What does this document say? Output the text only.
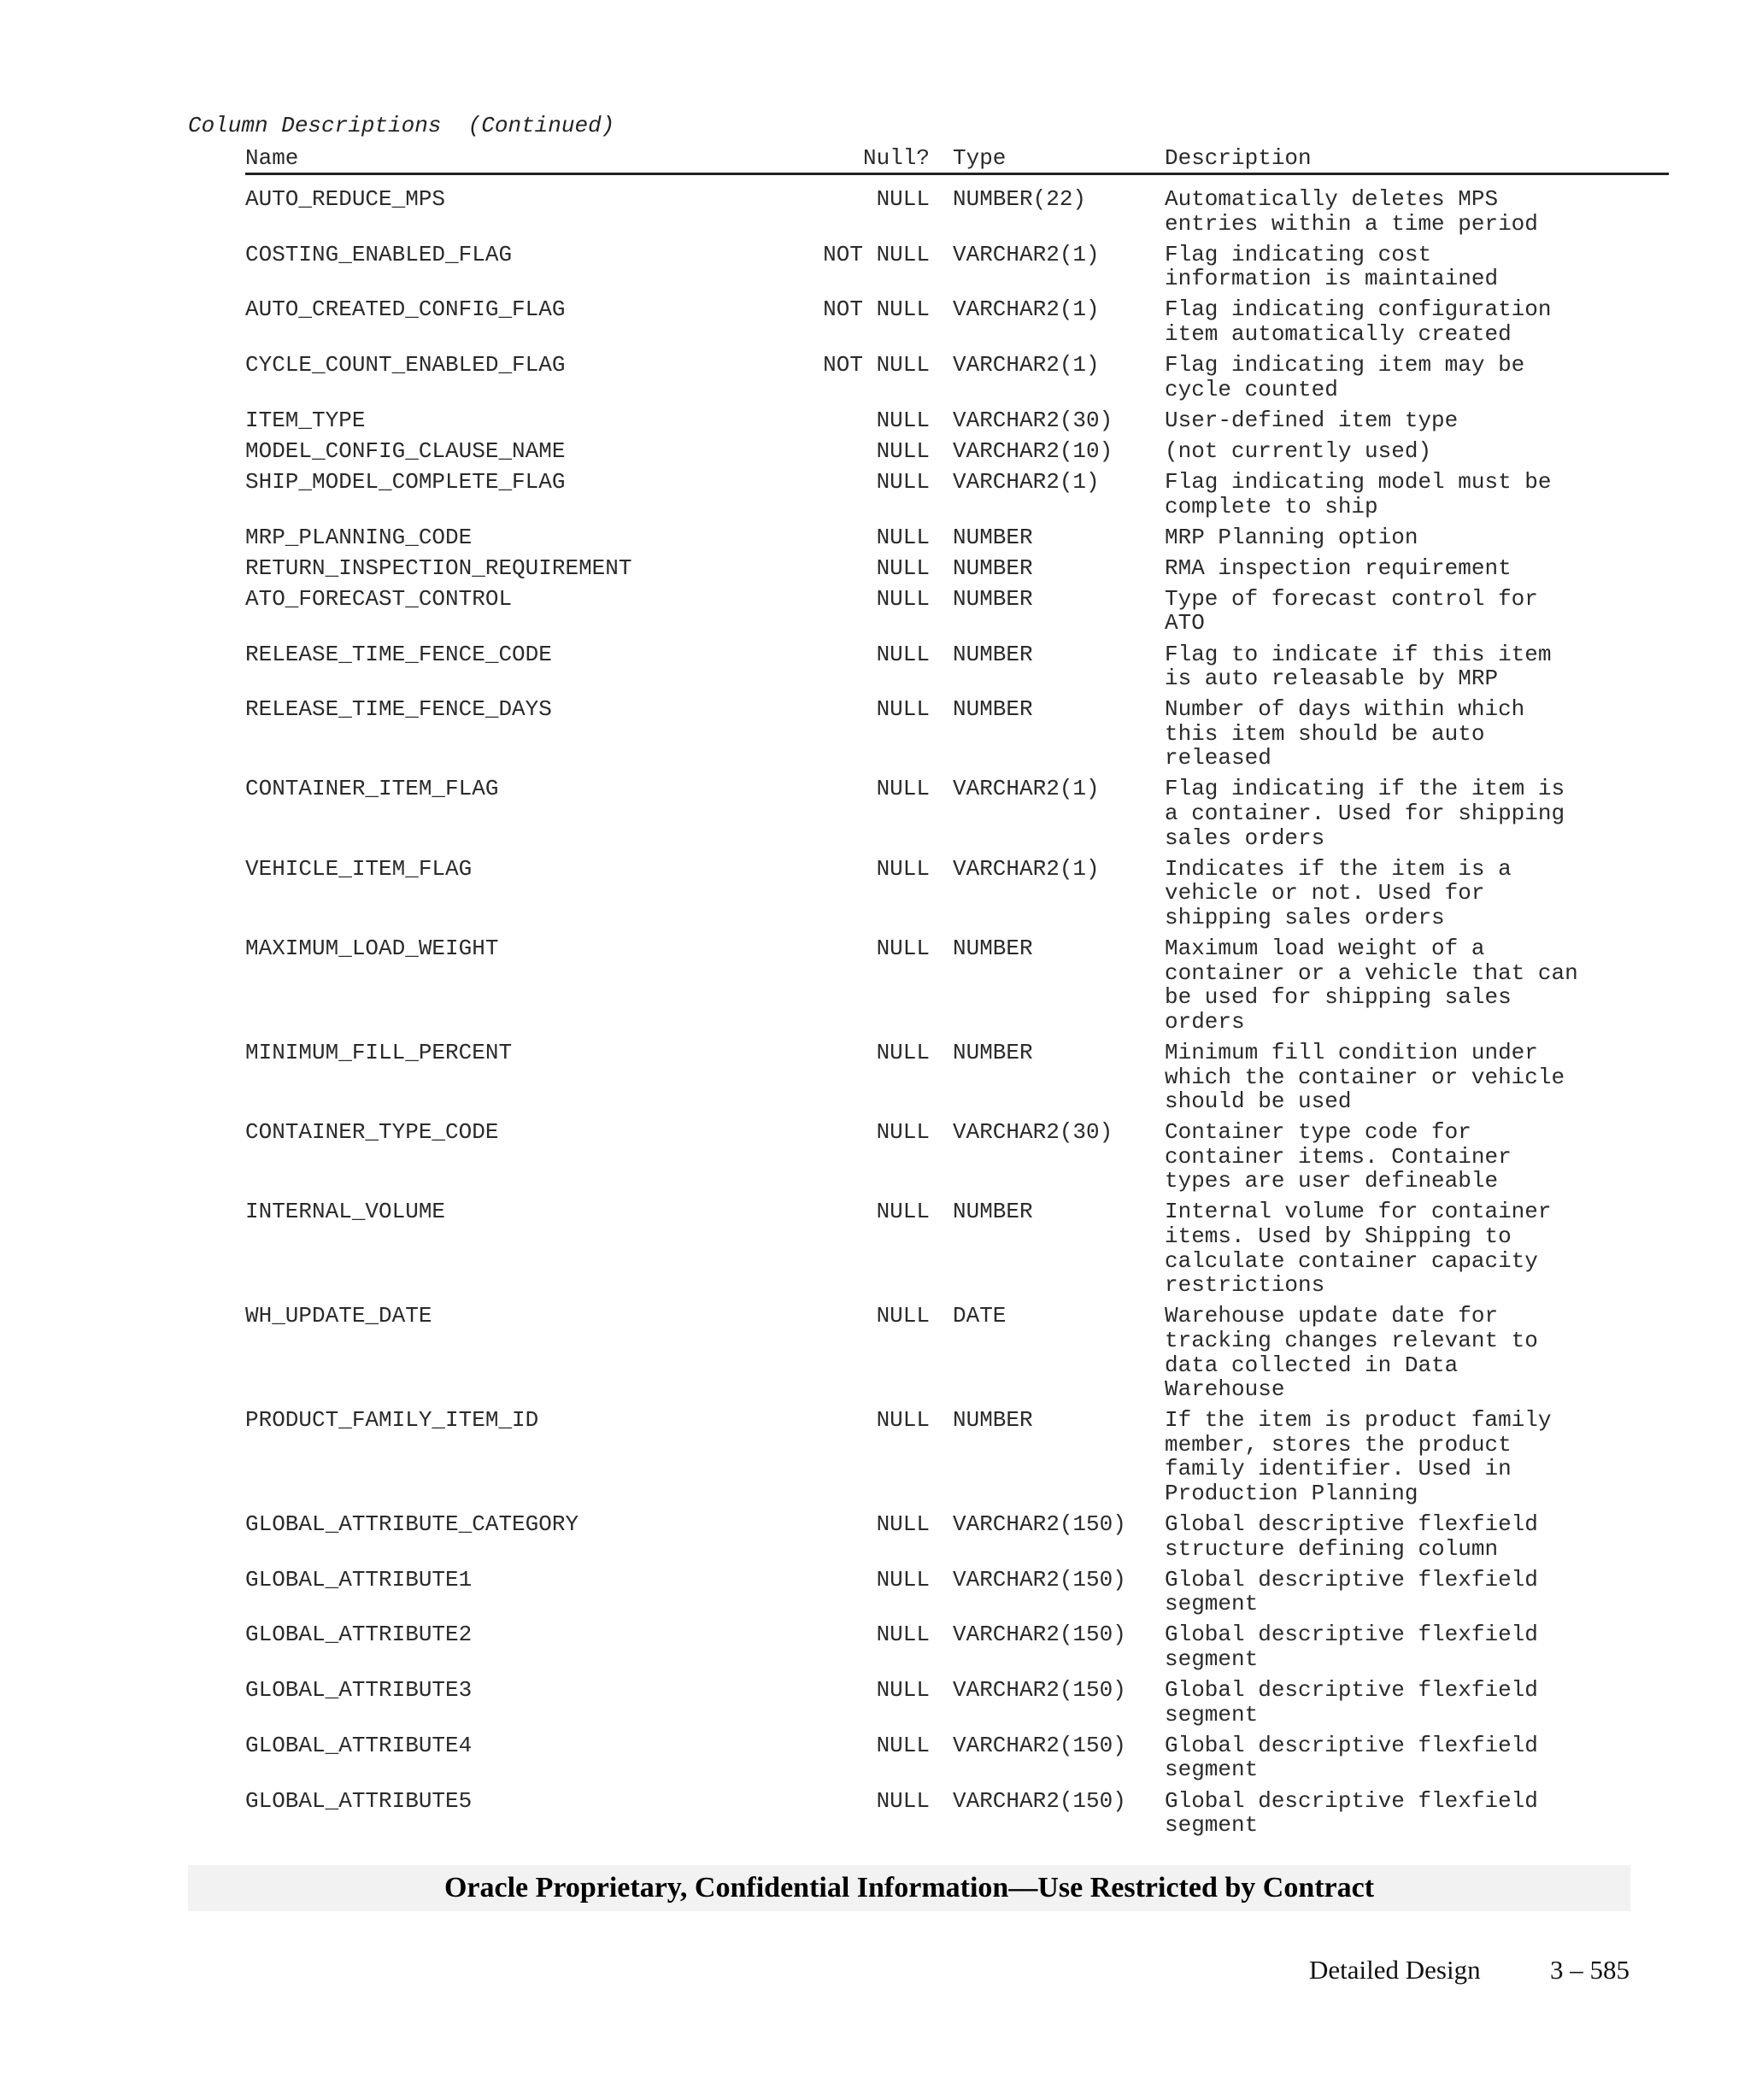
Column Descriptions  (Continued)
Name	Null?	Type	Description
AUTO_REDUCE_MPS	NULL	NUMBER(22)	Automatically deletes MPS
entries within a time period
COSTING_ENABLED_FLAG	NOT NULL	VARCHAR2(1)	Flag indicating cost
information is maintained
AUTO_CREATED_CONFIG_FLAG	NOT NULL	VARCHAR2(1)	Flag indicating configuration
item automatically created
CYCLE_COUNT_ENABLED_FLAG	NOT NULL	VARCHAR2(1)	Flag indicating item may be
cycle counted
ITEM_TYPE	NULL	VARCHAR2(30)	User-defined item type
MODEL_CONFIG_CLAUSE_NAME	NULL	VARCHAR2(10)	(not currently used)
SHIP_MODEL_COMPLETE_FLAG	NULL	VARCHAR2(1)	Flag indicating model must be
complete to ship
MRP_PLANNING_CODE	NULL	NUMBER	MRP Planning option
RETURN_INSPECTION_REQUIREMENT	NULL	NUMBER	RMA inspection requirement
ATO_FORECAST_CONTROL	NULL	NUMBER	Type of forecast control for
ATO
RELEASE_TIME_FENCE_CODE	NULL	NUMBER	Flag to indicate if this item
is auto releasable by MRP
RELEASE_TIME_FENCE_DAYS	NULL	NUMBER	Number of days within which
this item should be auto
released
CONTAINER_ITEM_FLAG	NULL	VARCHAR2(1)	Flag indicating if the item is
a container. Used for shipping
sales orders
VEHICLE_ITEM_FLAG	NULL	VARCHAR2(1)	Indicates if the item is a
vehicle or not. Used for
shipping sales orders
MAXIMUM_LOAD_WEIGHT	NULL	NUMBER	Maximum load weight of a
container or a vehicle that can
be used for shipping sales
orders
MINIMUM_FILL_PERCENT	NULL	NUMBER	Minimum fill condition under
which the container or vehicle
should be used
CONTAINER_TYPE_CODE	NULL	VARCHAR2(30)	Container type code for
container items. Container
types are user defineable
INTERNAL_VOLUME	NULL	NUMBER	Internal volume for container
items. Used by Shipping to
calculate container capacity
restrictions
WH_UPDATE_DATE	NULL	DATE	Warehouse update date for
tracking changes relevant to
data collected in Data
Warehouse
PRODUCT_FAMILY_ITEM_ID	NULL	NUMBER	If the item is product family
member, stores the product
family identifier. Used in
Production Planning
GLOBAL_ATTRIBUTE_CATEGORY	NULL	VARCHAR2(150)	Global descriptive flexfield
structure defining column
GLOBAL_ATTRIBUTE1	NULL	VARCHAR2(150)	Global descriptive flexfield
segment
GLOBAL_ATTRIBUTE2	NULL	VARCHAR2(150)	Global descriptive flexfield
segment
GLOBAL_ATTRIBUTE3	NULL	VARCHAR2(150)	Global descriptive flexfield
segment
GLOBAL_ATTRIBUTE4	NULL	VARCHAR2(150)	Global descriptive flexfield
segment
GLOBAL_ATTRIBUTE5	NULL	VARCHAR2(150)	Global descriptive flexfield
segment
Oracle Proprietary, Confidential Information––Use Restricted by Contract
Detailed Design	3 – 585
